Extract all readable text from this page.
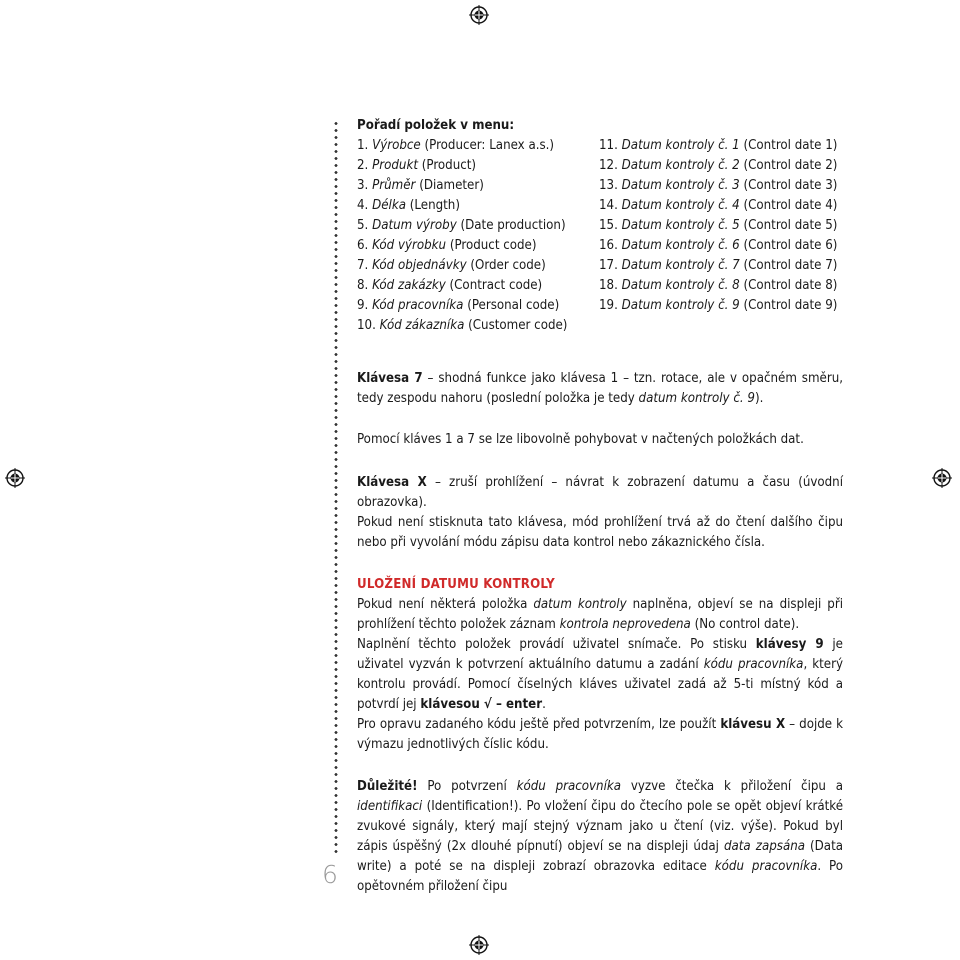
6

Pořadí položek v menu:

1. Výrobce (Producer: Lanex a.s.)
2. Produkt (Product)
3. Průměr (Diameter)
4. Délka (Length)
5. Datum výroby (Date production)
6. Kód výrobku (Product code)
7. Kód objednávky (Order code)
8. Kód zakázky (Contract code)
9. Kód pracovníka (Personal code)
10. Kód zákazníka (Customer code)
11. Datum kontroly č. 1 (Control date 1)
12. Datum kontroly č. 2 (Control date 2)
13. Datum kontroly č. 3 (Control date 3)
14. Datum kontroly č. 4 (Control date 4)
15. Datum kontroly č. 5 (Control date 5)
16. Datum kontroly č. 6 (Control date 6)
17. Datum kontroly č. 7 (Control date 7)
18. Datum kontroly č. 8 (Control date 8)
19. Datum kontroly č. 9 (Control date 9)

Klávesa 7 – shodná funkce jako klávesa 1 – tzn. rotace, ale v opačném směru, tedy zespodu nahoru (poslední položka je tedy datum kontroly č. 9).

Pomocí kláves 1 a 7 se lze libovolně pohybovat v načtených položkách dat.

Klávesa X – zruší prohlížení – návrat k zobrazení datumu a času (úvodní obrazovka).

Pokud není stisknuta tato klávesa, mód prohlížení trvá až do čtení dalšího čipu nebo při vyvolání módu zápisu data kontrol nebo zákaznického čísla.

ULOŽENÍ DATUMU KONTROLY

Pokud není některá položka datum kontroly naplněna, objeví se na displeji při prohlížení těchto položek záznam kontrola neprovedena (No control date).

Naplnění těchto položek provádí uživatel snímače. Po stisku klávesy 9 je uživatel vyzván k potvrzení aktuálního datumu a zadání kódu pracovníka, který kontrolu provádí. Pomocí číselných kláves uživatel zadá až 5-ti místný kód a potvrdí jej klávesou √ – enter.

Pro opravu zadaného kódu ještě před potvrzením, lze použít klávesu X – dojde k výmazu jednotlivých číslic kódu.

Důležité! Po potvrzení kódu pracovníka vyzve čtečka k přiložení čipu a identifikaci (Identification!). Po vložení čipu do čtecího pole se opět objeví krátké zvukové signály, který mají stejný význam jako u čtení (viz. výše). Pokud byl zápis úspěšný (2x dlouhé pípnutí) objeví se na displeji údaj data zapsána (Data write) a poté se na displeji zobrazí obrazovka editace kódu pracovníka. Po opětovném přiložení čipu
